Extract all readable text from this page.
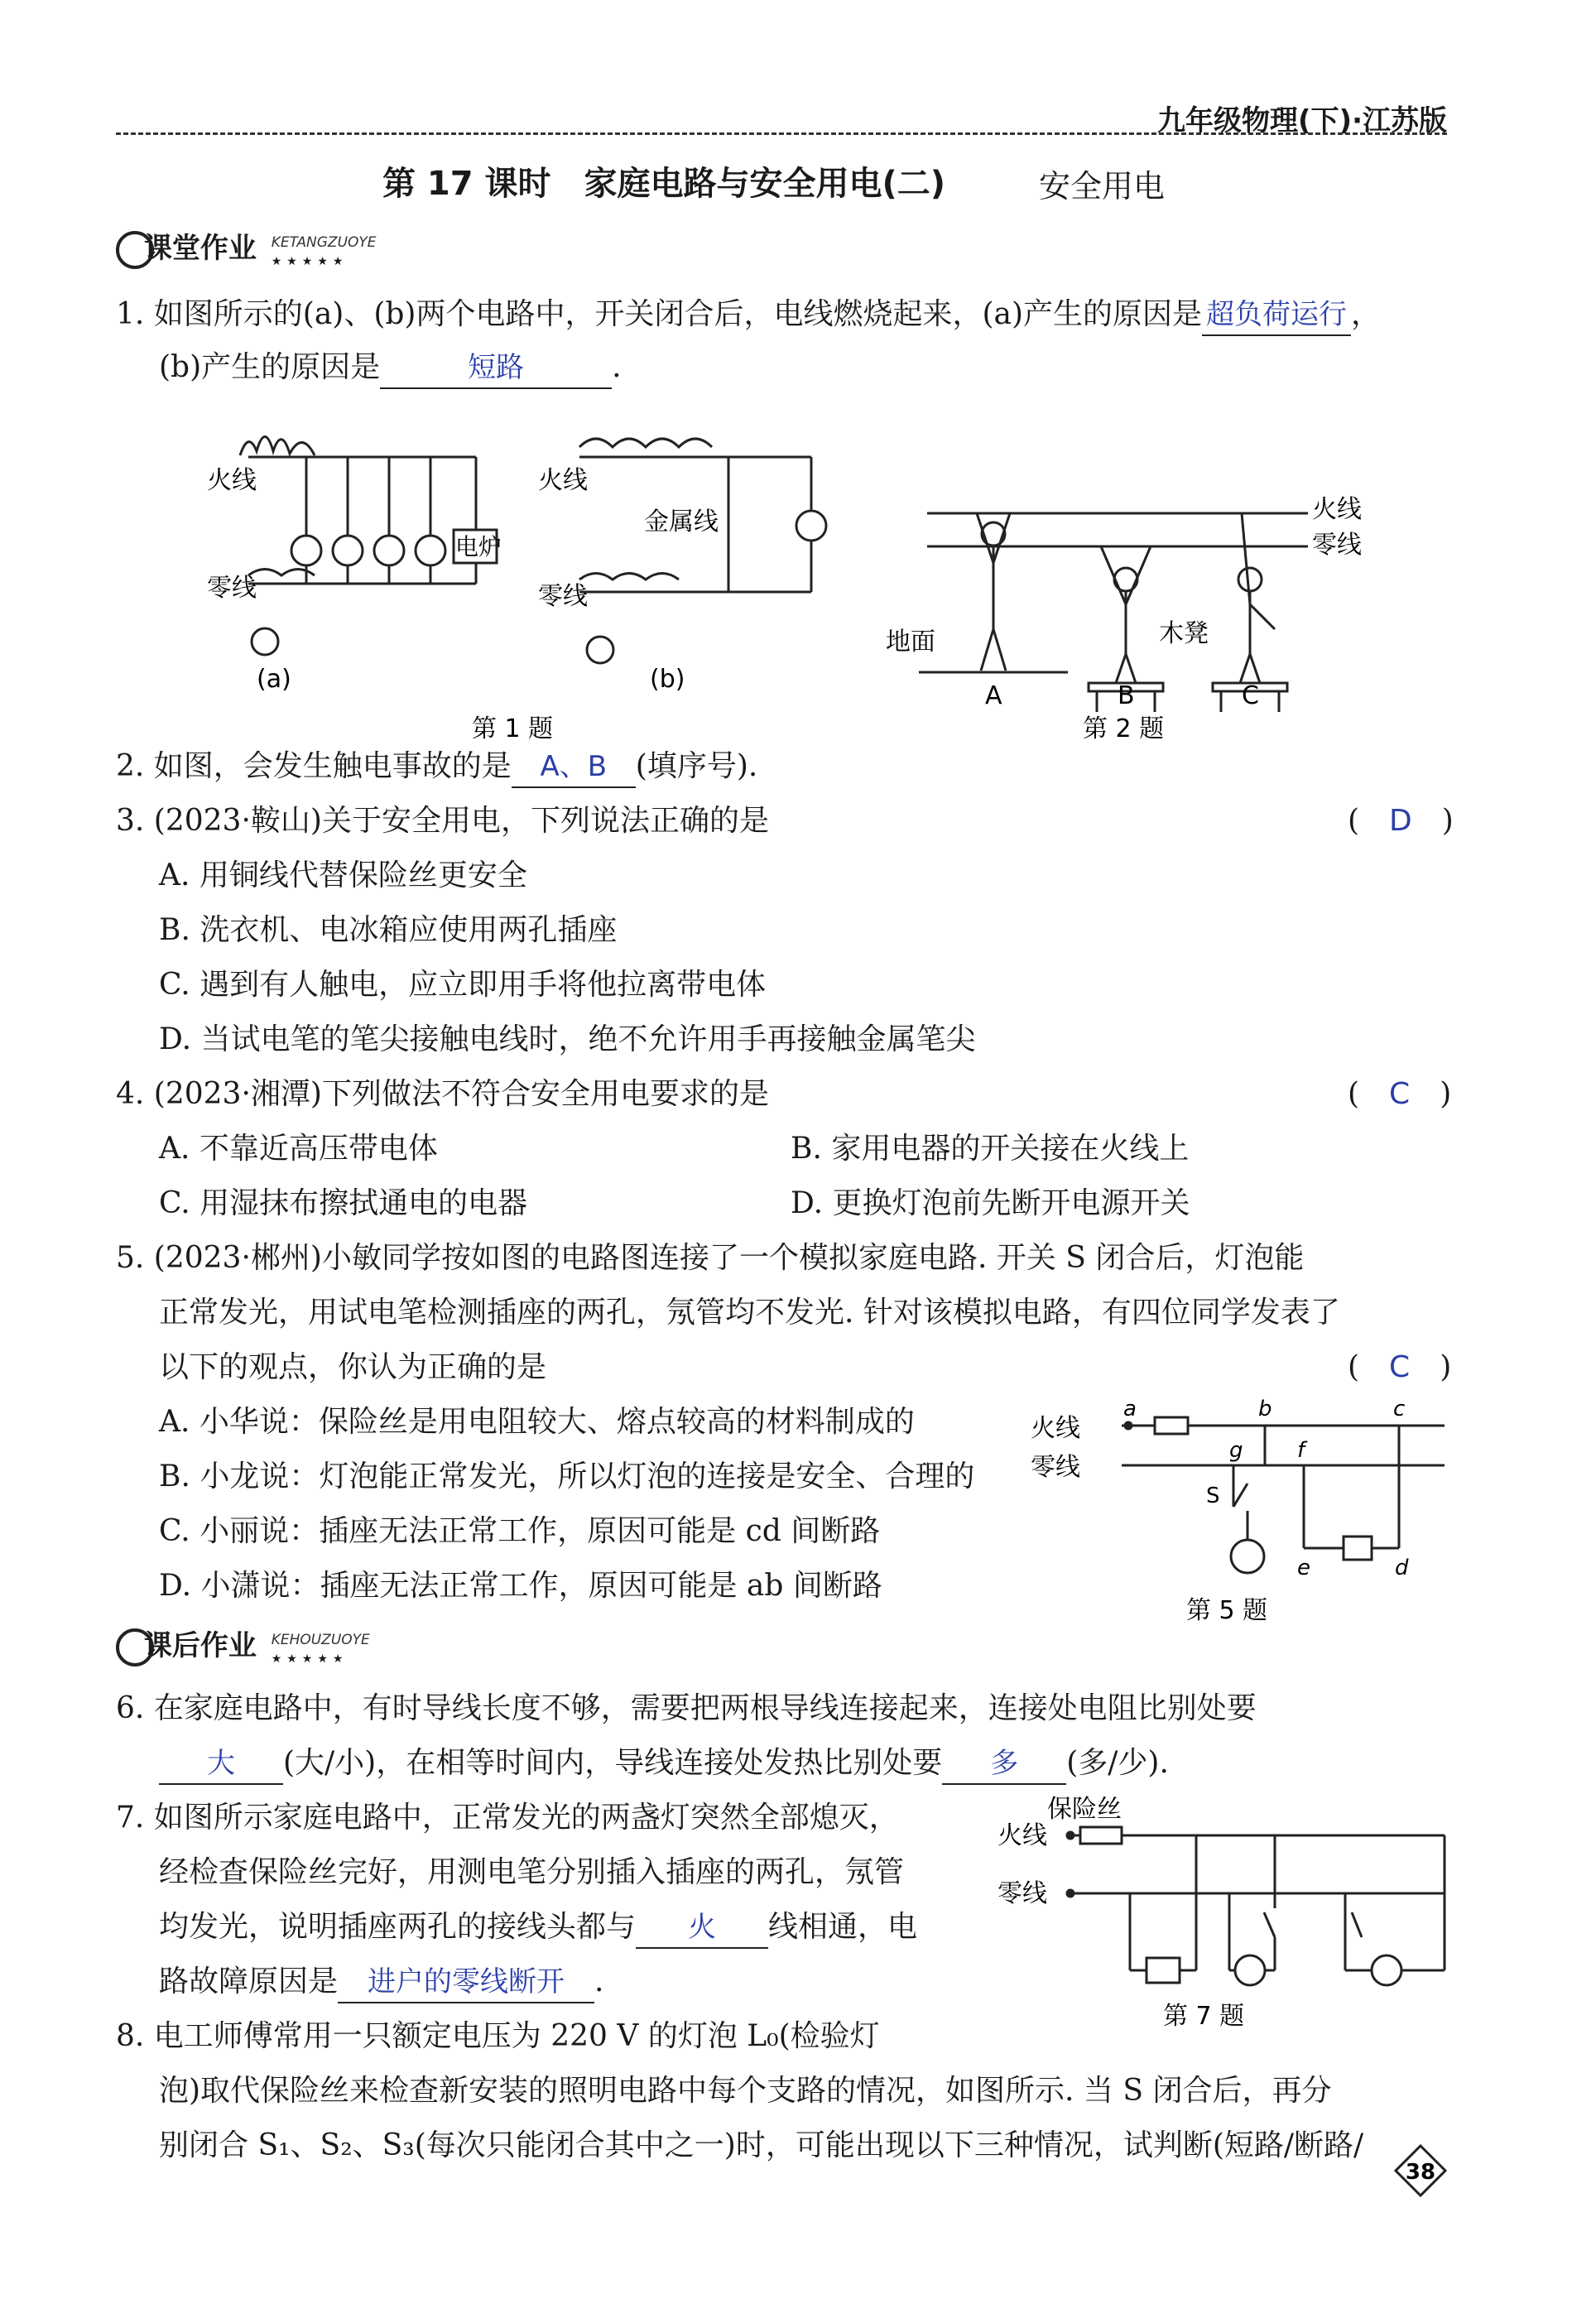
九年级物理(下)·江苏版
第 17 课时　家庭电路与安全用电(二)	安全用电
课堂作业 KETANGZUOYE
★★★★★
1. 如图所示的(a)、(b)两个电路中，开关闭合后，电线燃烧起来，(a)产生的原因是 超负荷运行 ，
(b)产生的原因是	短路	.
火线
零线
电炉
(a)
火线
零线
金属线
(b)
第 1 题
火线
零线
地面	木凳
A	B	C
第 2 题
2. 如图，会发生触电事故的是 A、B (填序号).
3. (2023·鞍山)关于安全用电，下列说法正确的是	(　D　)
A. 用铜线代替保险丝更安全
B. 洗衣机、电冰箱应使用两孔插座
C. 遇到有人触电，应立即用手将他拉离带电体
D. 当试电笔的笔尖接触电线时，绝不允许用手再接触金属笔尖
4. (2023·湘潭)下列做法不符合安全用电要求的是	(　C　)
A. 不靠近高压带电体	B. 家用电器的开关接在火线上
C. 用湿抹布擦拭通电的电器	D. 更换灯泡前先断开电源开关
5. (2023·郴州)小敏同学按如图的电路图连接了一个模拟家庭电路. 开关 S 闭合后，灯泡能
正常发光，用试电笔检测插座的两孔，氖管均不发光. 针对该模拟电路，有四位同学发表了
以下的观点，你认为正确的是	(　C　)
A. 小华说：保险丝是用电阻较大、熔点较高的材料制成的
B. 小龙说：灯泡能正常发光，所以灯泡的连接是安全、合理的
C. 小丽说：插座无法正常工作，原因可能是 cd 间断路
D. 小潇说：插座无法正常工作，原因可能是 ab 间断路
火线
零线
a	b	c
g	f
S
e	d
第 5 题
课后作业 KEHOUZUOYE
★★★★★
6. 在家庭电路中，有时导线长度不够，需要把两根导线连接起来，连接处电阻比别处要
大 (大/小)，在相等时间内，导线连接处发热比别处要 多 (多/少).
7. 如图所示家庭电路中，正常发光的两盏灯突然全部熄灭，
经检查保险丝完好，用测电笔分别插入插座的两孔，氖管
均发光，说明插座两孔的接线头都与 火 线相通，电
路故障原因是 进户的零线断开 .
保险丝
火线
零线
第 7 题
8. 电工师傅常用一只额定电压为 220 V 的灯泡 L₀(检验灯
泡)取代保险丝来检查新安装的照明电路中每个支路的情况，如图所示. 当 S 闭合后，再分
别闭合 S₁、S₂、S₃(每次只能闭合其中之一)时，可能出现以下三种情况，试判断(短路/断路/
38
